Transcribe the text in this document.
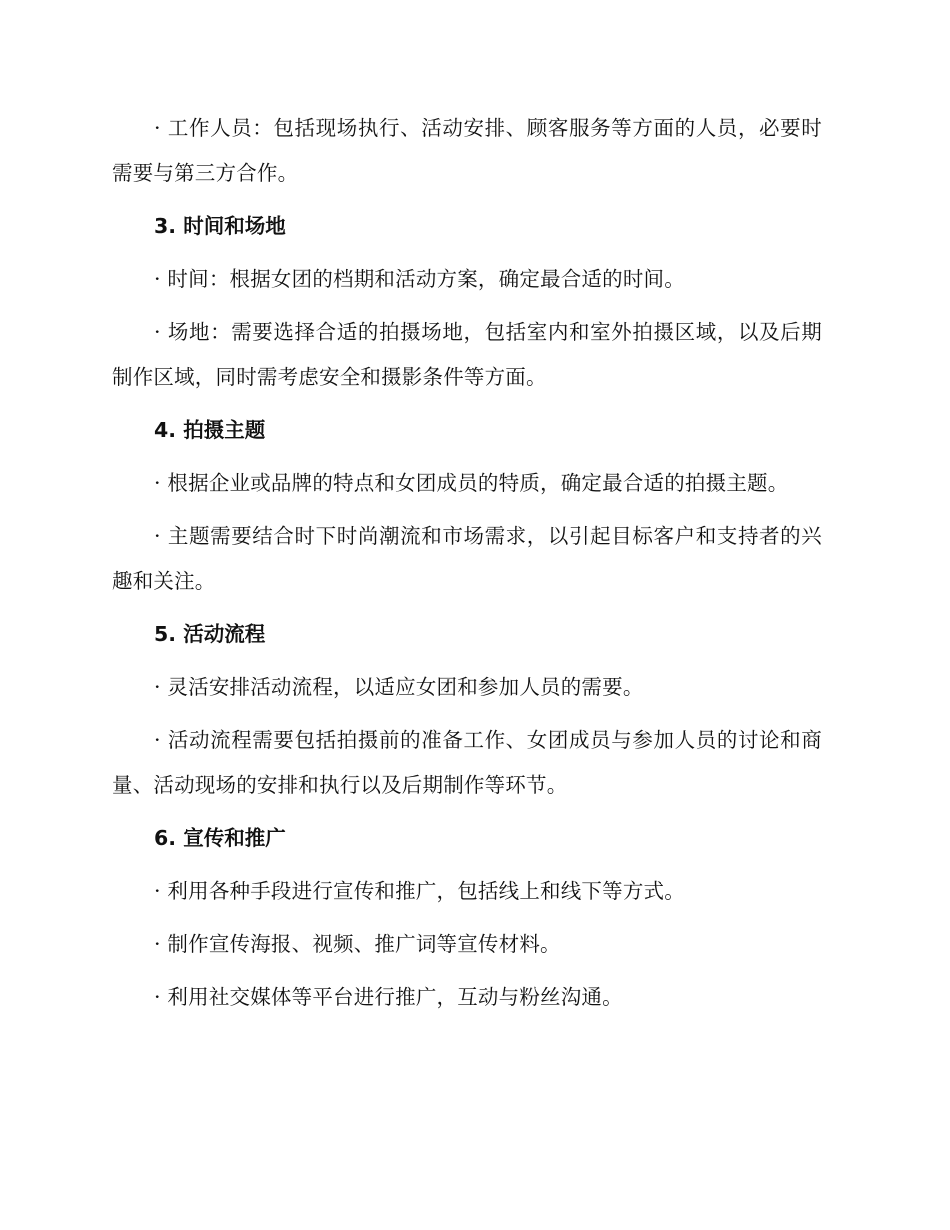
· 工作人员：包括现场执行、活动安排、顾客服务等方面的人员，必要时需要与第三方合作。

3. 时间和场地

· 时间：根据女团的档期和活动方案，确定最合适的时间。

· 场地：需要选择合适的拍摄场地，包括室内和室外拍摄区域，以及后期制作区域，同时需考虑安全和摄影条件等方面。

4. 拍摄主题

· 根据企业或品牌的特点和女团成员的特质，确定最合适的拍摄主题。

· 主题需要结合时下时尚潮流和市场需求，以引起目标客户和支持者的兴趣和关注。

5. 活动流程

· 灵活安排活动流程，以适应女团和参加人员的需要。

· 活动流程需要包括拍摄前的准备工作、女团成员与参加人员的讨论和商量、活动现场的安排和执行以及后期制作等环节。

6. 宣传和推广

· 利用各种手段进行宣传和推广，包括线上和线下等方式。

· 制作宣传海报、视频、推广词等宣传材料。

· 利用社交媒体等平台进行推广，互动与粉丝沟通。
